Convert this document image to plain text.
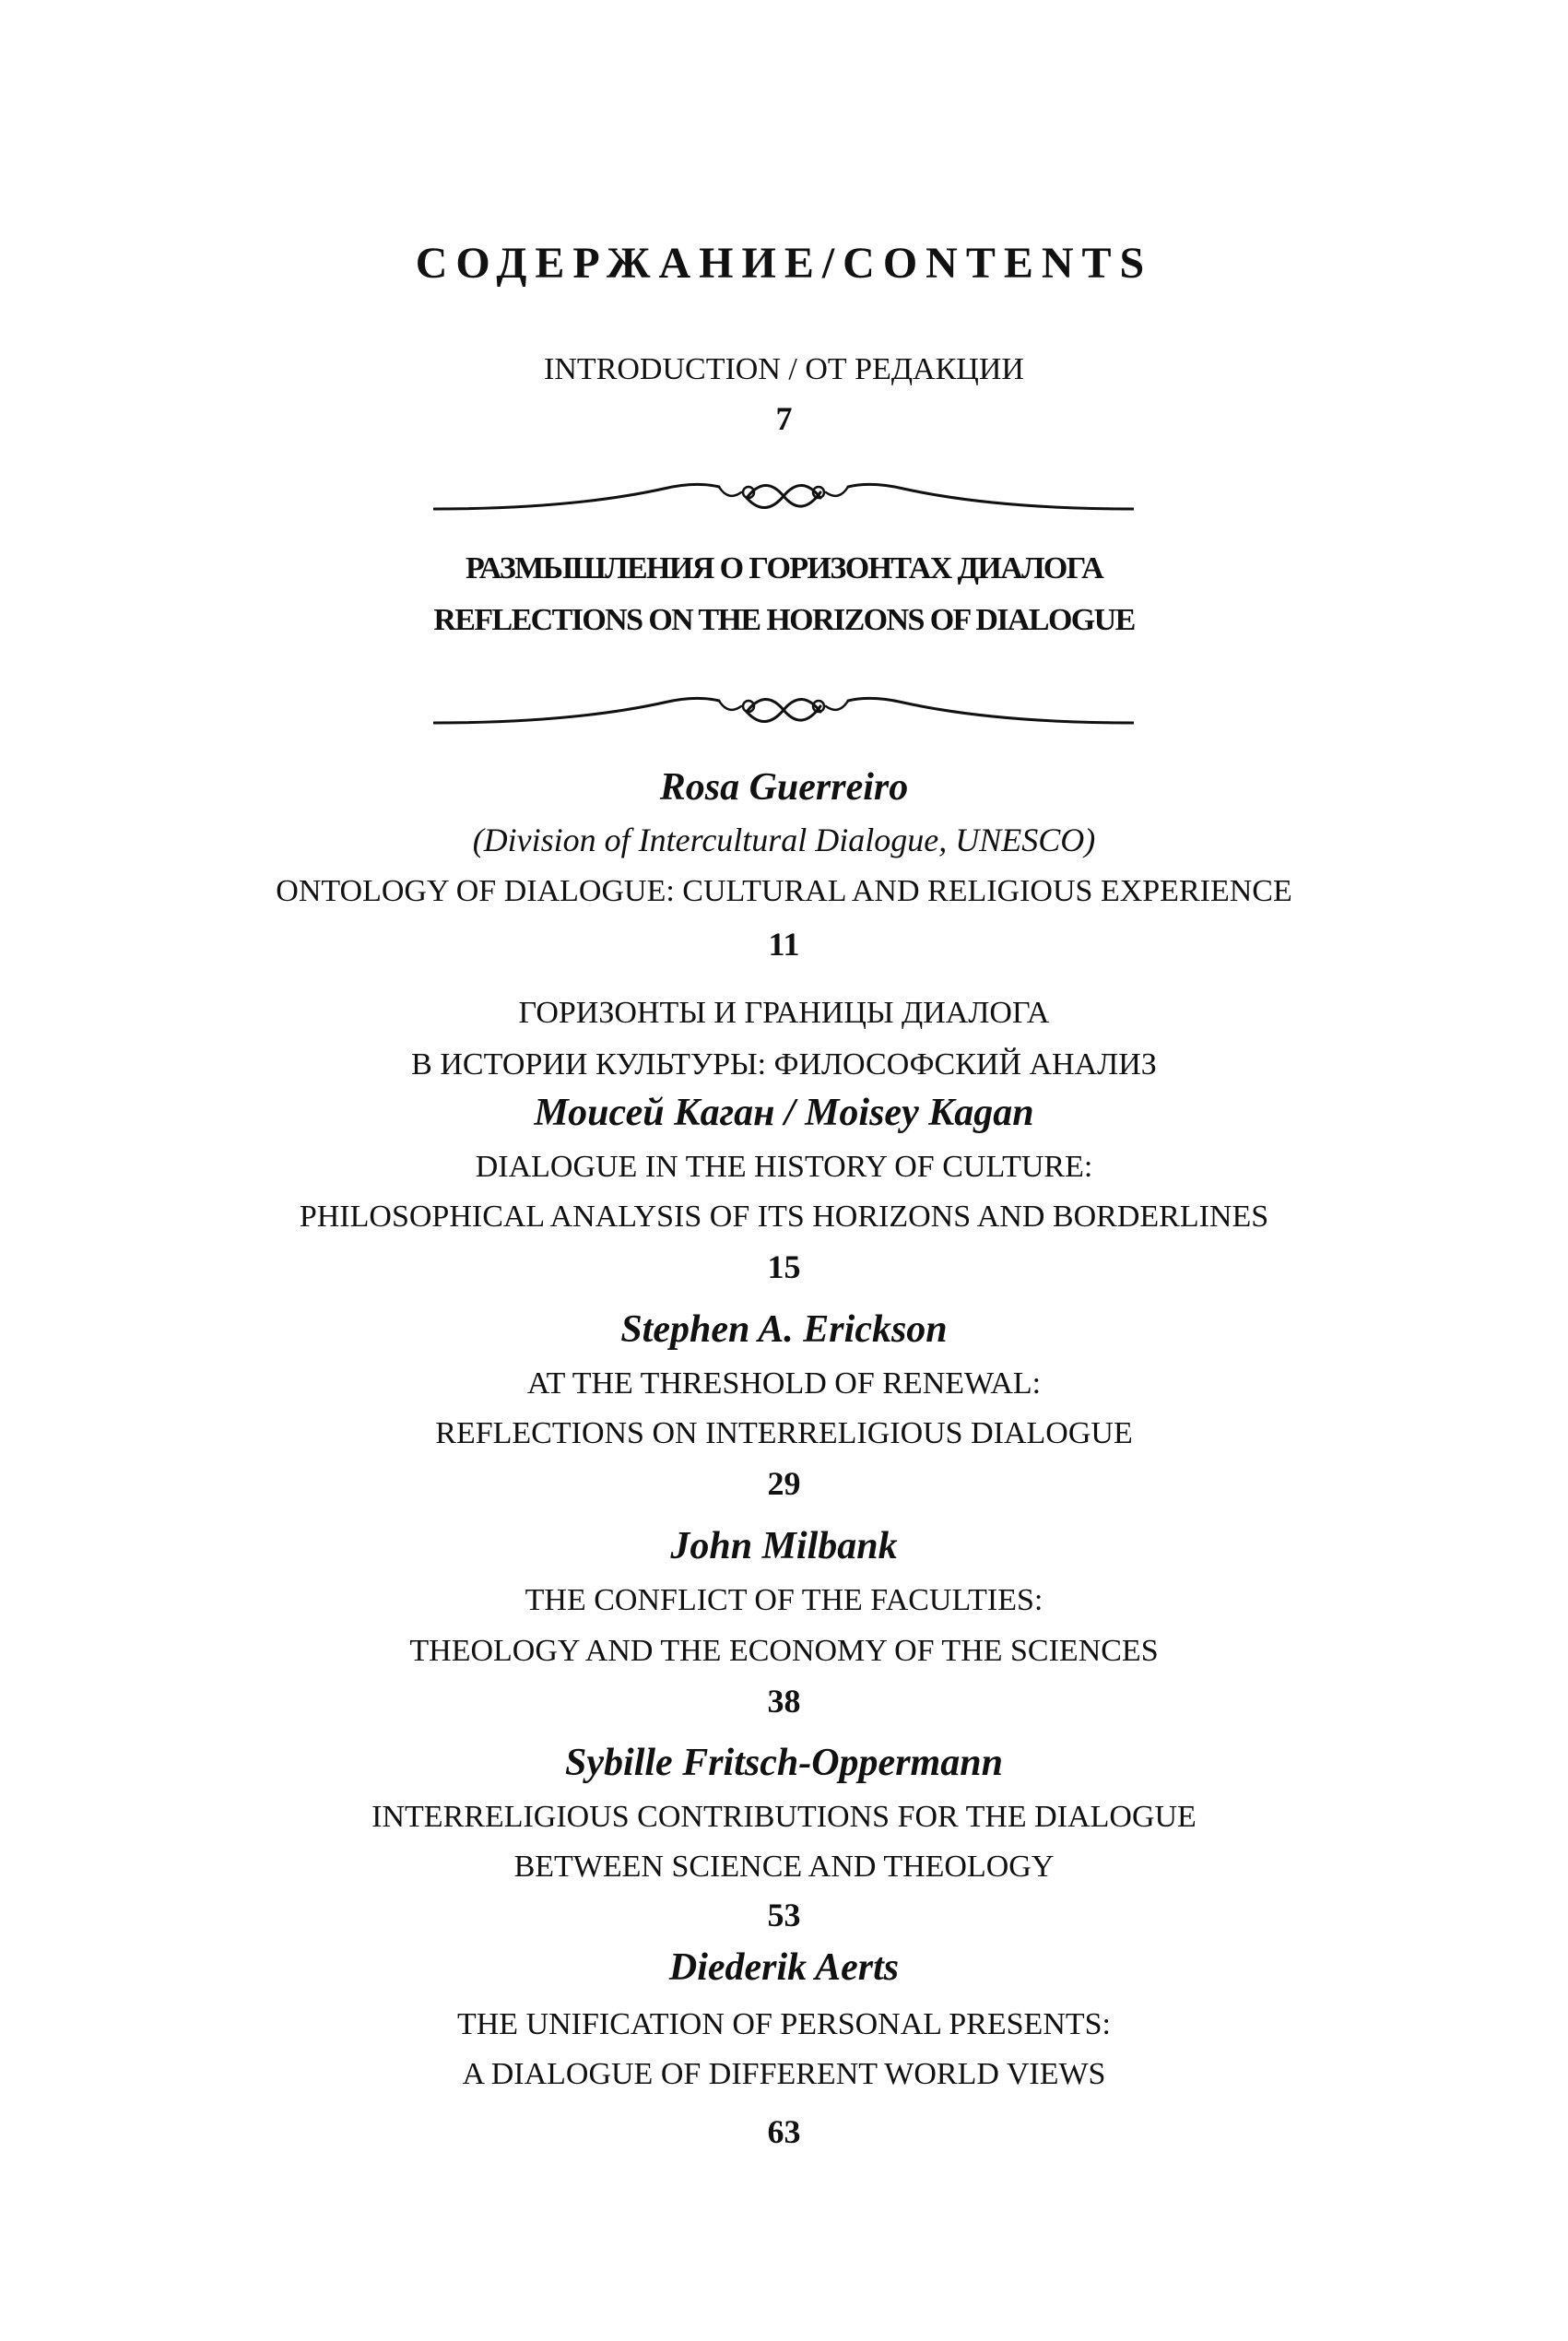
СОДЕРЖАНИЕ/CONTENTS
INTRODUCTION / ОТ РЕДАКЦИИ
7
РАЗМЫШЛЕНИЯ О ГОРИЗОНТАХ ДИАЛОГА
REFLECTIONS ON THE HORIZONS OF DIALOGUE
Rosa Guerreiro
(Division of Intercultural Dialogue, UNESCO)
ONTOLOGY OF DIALOGUE: CULTURAL AND RELIGIOUS EXPERIENCE
11
ГОРИЗОНТЫ И ГРАНИЦЫ ДИАЛОГА
В ИСТОРИИ КУЛЬТУРЫ: ФИЛОСОФСКИЙ АНАЛИЗ
Моисей Каган / Moisey Kagan
DIALOGUE IN THE HISTORY OF CULTURE:
PHILOSOPHICAL ANALYSIS OF ITS HORIZONS AND BORDERLINES
15
Stephen A. Erickson
AT THE THRESHOLD OF RENEWAL:
REFLECTIONS ON INTERRELIGIOUS DIALOGUE
29
John Milbank
THE CONFLICT OF THE FACULTIES:
THEOLOGY AND THE ECONOMY OF THE SCIENCES
38
Sybille Fritsch-Oppermann
INTERRELIGIOUS CONTRIBUTIONS FOR THE DIALOGUE
BETWEEN SCIENCE AND THEOLOGY
53
Diederik Aerts
THE UNIFICATION OF PERSONAL PRESENTS:
A DIALOGUE OF DIFFERENT WORLD VIEWS
63
